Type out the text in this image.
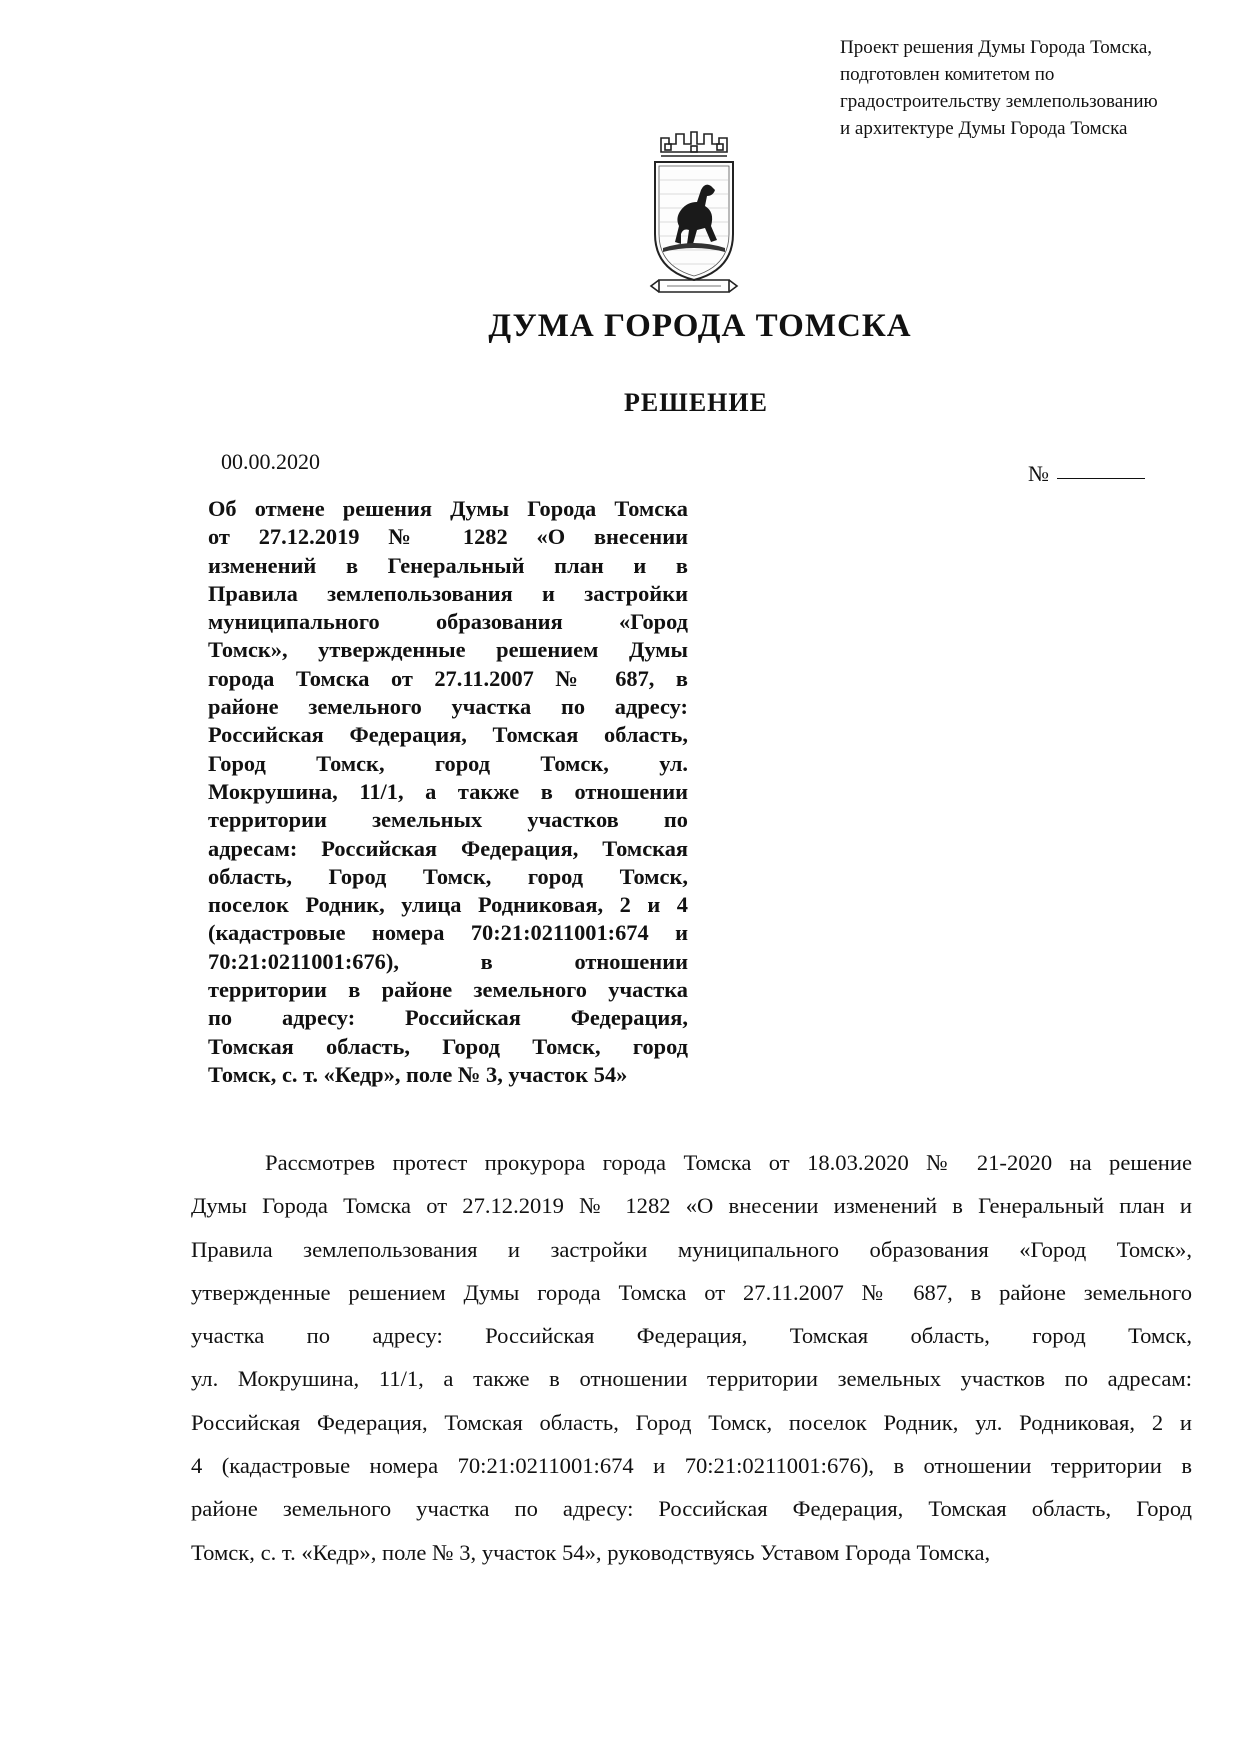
Проект решения Думы Города Томска,
подготовлен комитетом по
градостроительству землепользованию
и архитектуре Думы Города Томска
ДУМА ГОРОДА ТОМСКА
РЕШЕНИЕ
00.00.2020	№
Об отмене решения Думы Города Томска
от 27.12.2019 № 1282 «О внесении
изменений в Генеральный план и в
Правила землепользования и застройки
муниципального образования «Город
Томск», утвержденные решением Думы
города Томска от 27.11.2007 № 687, в
районе земельного участка по адресу:
Российская Федерация, Томская область,
Город Томск, город Томск, ул.
Мокрушина, 11/1, а также в отношении
территории земельных участков по
адресам: Российская Федерация, Томская
область, Город Томск, город Томск,
поселок Родник, улица Родниковая, 2 и 4
(кадастровые номера 70:21:0211001:674 и
70:21:0211001:676), в отношении
территории в районе земельного участка
по адресу: Российская Федерация,
Томская область, Город Томск, город
Томск, с. т. «Кедр», поле № 3, участок 54»
Рассмотрев протест прокурора города Томска от 18.03.2020 № 21-2020 на решение
Думы Города Томска от 27.12.2019 № 1282 «О внесении изменений в Генеральный план и
Правила землепользования и застройки муниципального образования «Город Томск»,
утвержденные решением Думы города Томска от 27.11.2007 № 687, в районе земельного
участка по адресу: Российская Федерация, Томская область, город Томск,
ул. Мокрушина, 11/1, а также в отношении территории земельных участков по адресам:
Российская Федерация, Томская область, Город Томск, поселок Родник, ул. Родниковая, 2 и
4 (кадастровые номера 70:21:0211001:674 и 70:21:0211001:676), в отношении территории в
районе земельного участка по адресу: Российская Федерация, Томская область, Город
Томск, с. т. «Кедр», поле № 3, участок 54», руководствуясь Уставом Города Томска,
